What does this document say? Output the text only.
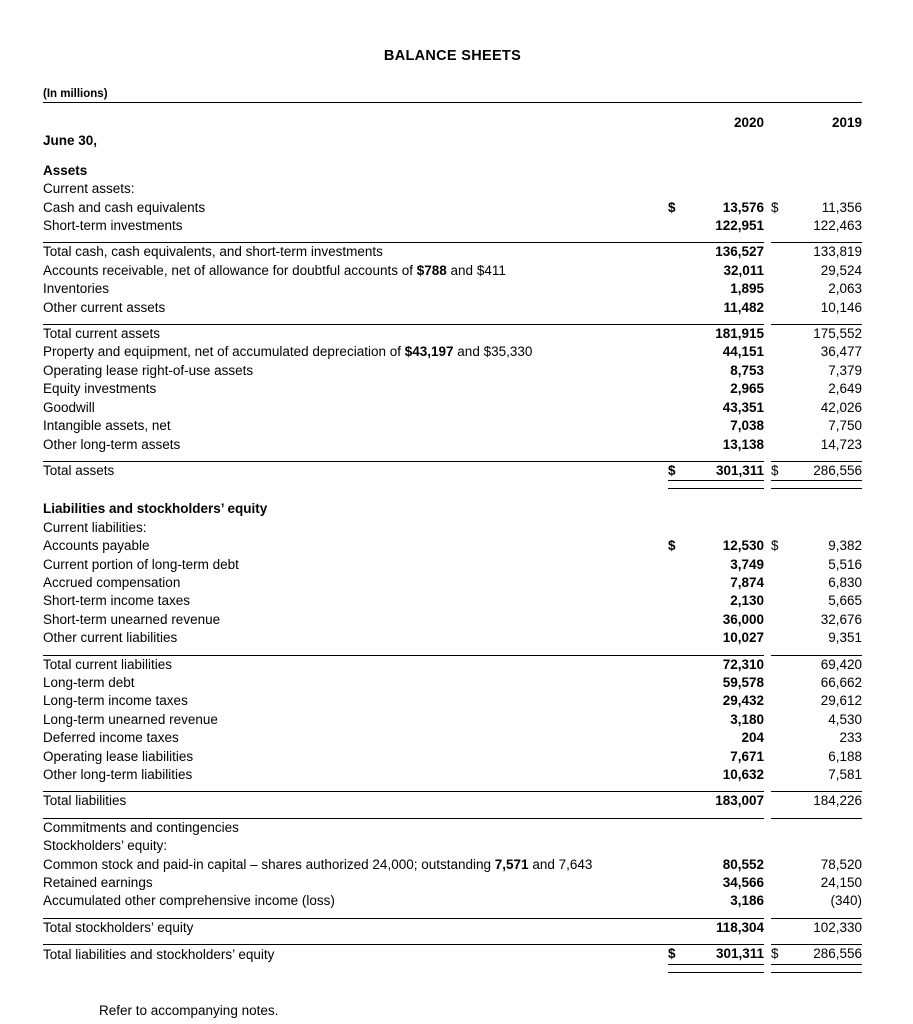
BALANCE SHEETS
(In millions)

		2020			2019
June 30,					

Assets					
Current assets:					
Cash and cash equivalents	$	13,576		$	11,356
Short-term investments		122,951			122,463

Total cash, cash equivalents, and short-term investments		136,527			133,819
Accounts receivable, net of allowance for doubtful accounts of $788 and $411		32,011			29,524
Inventories		1,895			2,063
Other current assets		11,482			10,146

Total current assets		181,915			175,552
Property and equipment, net of accumulated depreciation of $43,197 and $35,330		44,151			36,477
Operating lease right-of-use assets		8,753			7,379
Equity investments		2,965			2,649
Goodwill		43,351			42,026
Intangible assets, net		7,038			7,750
Other long-term assets		13,138			14,723

Total assets	$	301,311		$	286,556

Liabilities and stockholders’ equity					
Current liabilities:					
Accounts payable	$	12,530		$	9,382
Current portion of long-term debt		3,749			5,516
Accrued compensation		7,874			6,830
Short-term income taxes		2,130			5,665
Short-term unearned revenue		36,000			32,676
Other current liabilities		10,027			9,351

Total current liabilities		72,310			69,420
Long-term debt		59,578			66,662
Long-term income taxes		29,432			29,612
Long-term unearned revenue		3,180			4,530
Deferred income taxes		204			233
Operating lease liabilities		7,671			6,188
Other long-term liabilities		10,632			7,581

Total liabilities		183,007			184,226

Commitments and contingencies					
Stockholders’ equity:					
Common stock and paid-in capital – shares authorized 24,000; outstanding 7,571 and 7,643		80,552			78,520
Retained earnings		34,566			24,150
Accumulated other comprehensive income (loss)		3,186			(340)

Total stockholders’ equity		118,304			102,330

Total liabilities and stockholders’ equity	$	301,311		$	286,556

Refer to accompanying notes.
